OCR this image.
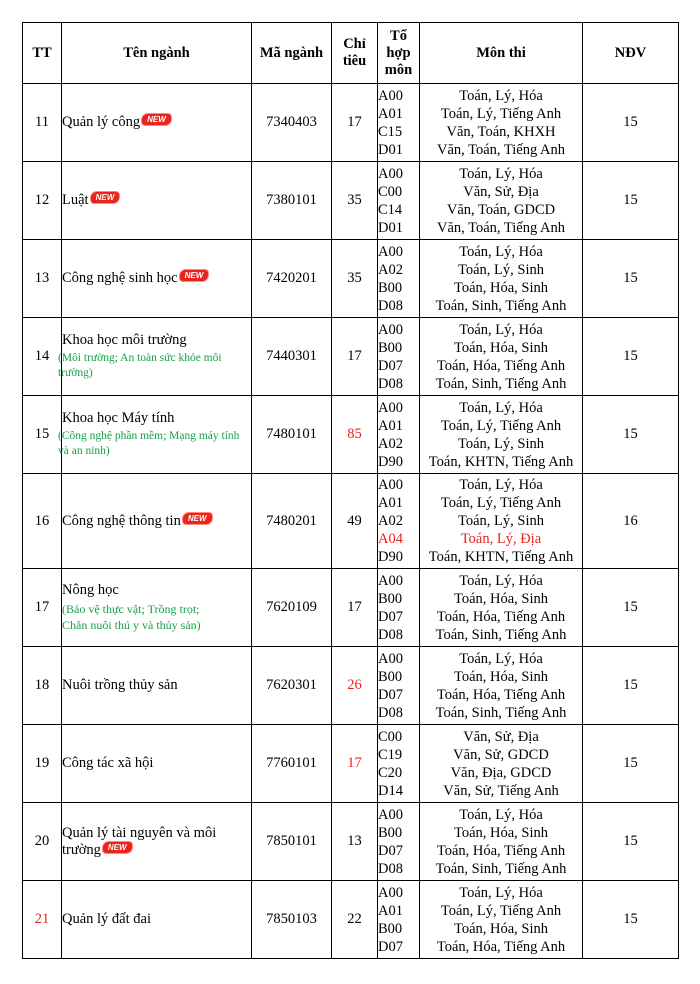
TT	Tên ngành	Mã ngành	Chỉ
tiêu	Tổ
hợp
môn	Môn thi	NĐV
11	Quản lý công NEW	7340403	17	A00
A01
C15
D01	Toán, Lý, Hóa
Toán, Lý, Tiếng Anh
Văn, Toán, KHXH
Văn, Toán, Tiếng Anh	15
12	Luật NEW	7380101	35	A00
C00
C14
D01	Toán, Lý, Hóa
Văn, Sử, Địa
Văn, Toán, GDCD
Văn, Toán, Tiếng Anh	15
13	Công nghệ sinh học NEW	7420201	35	A00
A02
B00
D08	Toán, Lý, Hóa
Toán, Lý, Sinh
Toán, Hóa, Sinh
Toán, Sinh, Tiếng Anh	15
14	Khoa học môi trường
(Môi trường; An toàn sức khỏe môi trường)	7440301	17	A00
B00
D07
D08	Toán, Lý, Hóa
Toán, Hóa, Sinh
Toán, Hóa, Tiếng Anh
Toán, Sinh, Tiếng Anh	15
15	Khoa học Máy tính
(Công nghệ phần mềm; Mạng máy tính và an ninh)	7480101	85	A00
A01
A02
D90	Toán, Lý, Hóa
Toán, Lý, Tiếng Anh
Toán, Lý, Sinh
Toán, KHTN, Tiếng Anh	15
16	Công nghệ thông tin NEW	7480201	49	A00
A01
A02
A04
D90	Toán, Lý, Hóa
Toán, Lý, Tiếng Anh
Toán, Lý, Sinh
Toán, Lý, Địa
Toán, KHTN, Tiếng Anh	16
17	Nông học
(Bảo vệ thực vật; Trồng trọt;
Chăn nuôi thú y và thủy sản)	7620109	17	A00
B00
D07
D08	Toán, Lý, Hóa
Toán, Hóa, Sinh
Toán, Hóa, Tiếng Anh
Toán, Sinh, Tiếng Anh	15
18	Nuôi trồng thủy sản	7620301	26	A00
B00
D07
D08	Toán, Lý, Hóa
Toán, Hóa, Sinh
Toán, Hóa, Tiếng Anh
Toán, Sinh, Tiếng Anh	15
19	Công tác xã hội	7760101	17	C00
C19
C20
D14	Văn, Sử, Địa
Văn, Sử, GDCD
Văn, Địa, GDCD
Văn, Sử, Tiếng Anh	15
20	Quản lý tài nguyên và môi
trường NEW	7850101	13	A00
B00
D07
D08	Toán, Lý, Hóa
Toán, Hóa, Sinh
Toán, Hóa, Tiếng Anh
Toán, Sinh, Tiếng Anh	15
21	Quản lý đất đai	7850103	22	A00
A01
B00
D07	Toán, Lý, Hóa
Toán, Lý, Tiếng Anh
Toán, Hóa, Sinh
Toán, Hóa, Tiếng Anh	15
